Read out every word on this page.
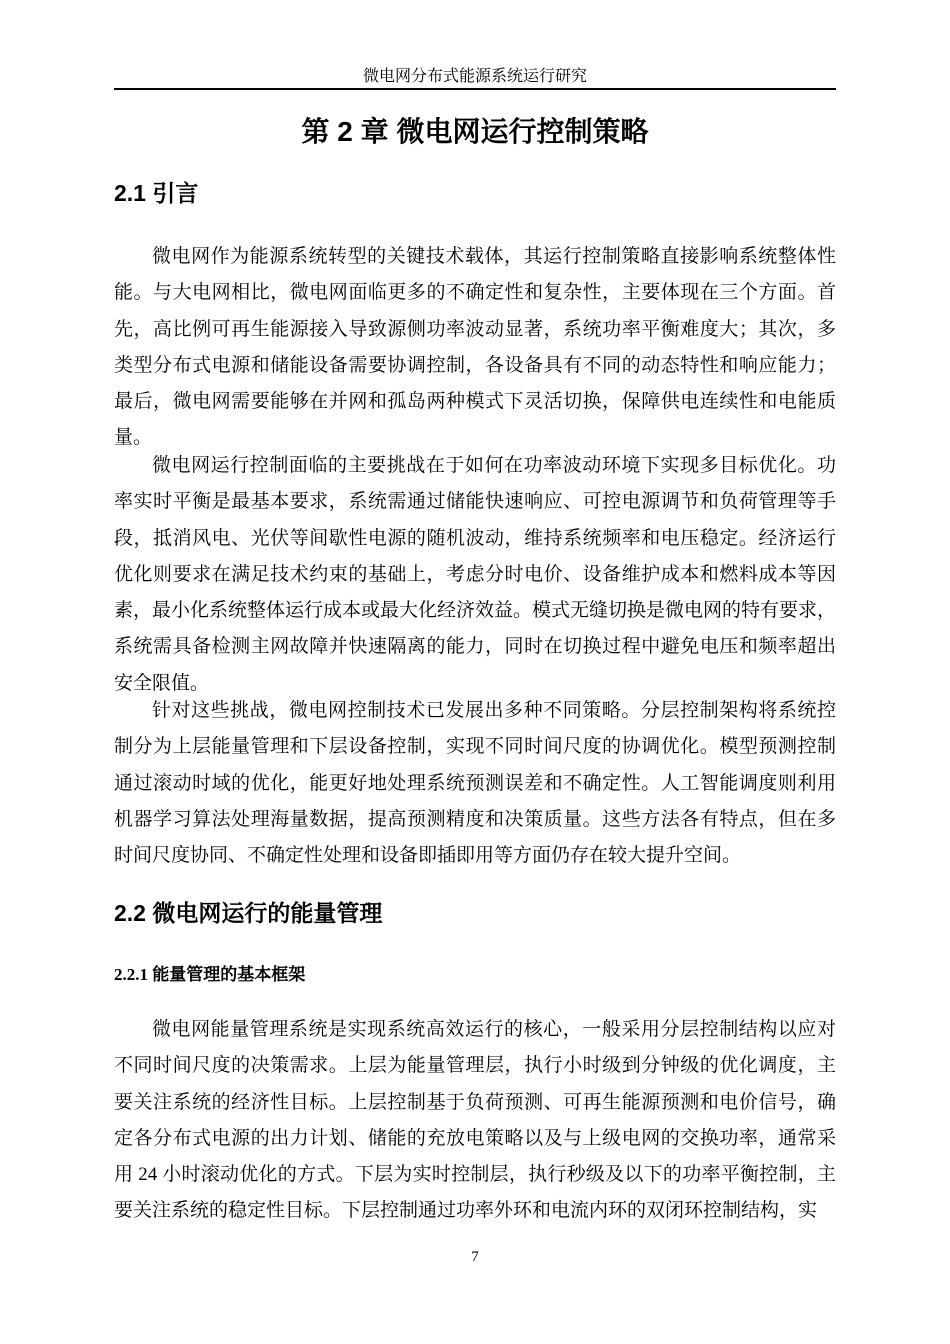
微电网分布式能源系统运行研究
第 2 章 微电网运行控制策略
2.1 引言
微电网作为能源系统转型的关键技术载体，其运行控制策略直接影响系统整体性
能。与大电网相比，微电网面临更多的不确定性和复杂性，主要体现在三个方面。首
先，高比例可再生能源接入导致源侧功率波动显著，系统功率平衡难度大；其次，多
类型分布式电源和储能设备需要协调控制，各设备具有不同的动态特性和响应能力；
最后，微电网需要能够在并网和孤岛两种模式下灵活切换，保障供电连续性和电能质
量。
微电网运行控制面临的主要挑战在于如何在功率波动环境下实现多目标优化。功
率实时平衡是最基本要求，系统需通过储能快速响应、可控电源调节和负荷管理等手
段，抵消风电、光伏等间歇性电源的随机波动，维持系统频率和电压稳定。经济运行
优化则要求在满足技术约束的基础上，考虑分时电价、设备维护成本和燃料成本等因
素，最小化系统整体运行成本或最大化经济效益。模式无缝切换是微电网的特有要求，
系统需具备检测主网故障并快速隔离的能力，同时在切换过程中避免电压和频率超出
安全限值。
针对这些挑战，微电网控制技术已发展出多种不同策略。分层控制架构将系统控
制分为上层能量管理和下层设备控制，实现不同时间尺度的协调优化。模型预测控制
通过滚动时域的优化，能更好地处理系统预测误差和不确定性。人工智能调度则利用
机器学习算法处理海量数据，提高预测精度和决策质量。这些方法各有特点，但在多
时间尺度协同、不确定性处理和设备即插即用等方面仍存在较大提升空间。
2.2 微电网运行的能量管理
2.2.1 能量管理的基本框架
微电网能量管理系统是实现系统高效运行的核心，一般采用分层控制结构以应对
不同时间尺度的决策需求。上层为能量管理层，执行小时级到分钟级的优化调度，主
要关注系统的经济性目标。上层控制基于负荷预测、可再生能源预测和电价信号，确
定各分布式电源的出力计划、储能的充放电策略以及与上级电网的交换功率，通常采
用 24 小时滚动优化的方式。下层为实时控制层，执行秒级及以下的功率平衡控制，主
要关注系统的稳定性目标。下层控制通过功率外环和电流内环的双闭环控制结构，实
7
